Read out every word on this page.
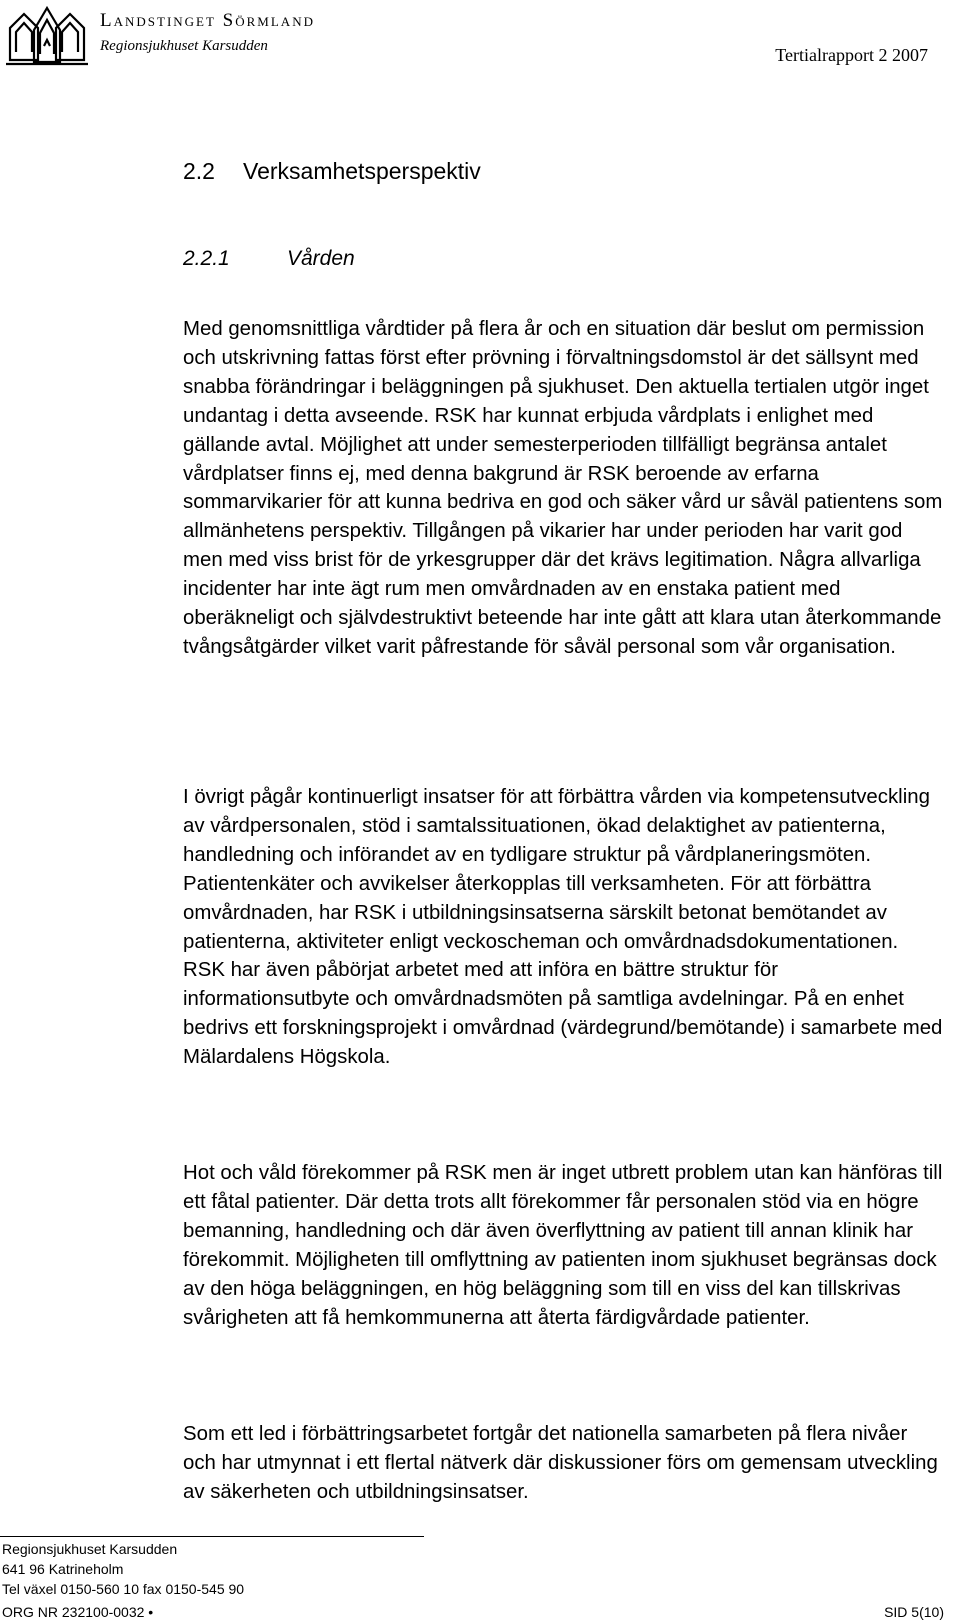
Landstinget Sörmland
Regionsjukhuset Karsudden	Tertialrapport 2 2007
2.2 Verksamhetsperspektiv
2.2.1	Vården

Med genomsnittliga vårdtider på flera år och en situation där beslut om permission och utskrivning fattas först efter prövning i förvaltningsdomstol är det sällsynt med snabba förändringar i beläggningen på sjukhuset. Den aktuella tertialen utgör inget undantag i detta avseende. RSK har kunnat erbjuda vårdplats i enlighet med gällande avtal. Möjlighet att under semesterperioden tillfälligt begränsa antalet vårdplatser finns ej, med denna bakgrund är RSK beroende av erfarna sommarvikarier för att kunna bedriva en god och säker vård ur såväl patientens som allmänhetens perspektiv. Tillgången på vikarier har under perioden har varit god men med viss brist för de yrkesgrupper där det krävs legitimation. Några allvarliga incidenter har inte ägt rum men omvårdnaden av en enstaka patient med oberäkneligt och självdestruktivt beteende har inte gått att klara utan återkommande tvångsåtgärder vilket varit påfrestande för såväl personal som vår organisation.

I övrigt pågår kontinuerligt insatser för att förbättra vården via kompetensutveckling av vårdpersonalen, stöd i samtalssituationen, ökad delaktighet av patienterna, handledning och införandet av en tydligare struktur på vårdplaneringsmöten. Patientenkäter och avvikelser återkopplas till verksamheten. För att förbättra omvårdnaden, har RSK i utbildningsinsatserna särskilt betonat bemötandet av patienterna, aktiviteter enligt veckoscheman och omvårdnadsdokumentationen. RSK har även påbörjat arbetet med att införa en bättre struktur för informationsutbyte och omvårdnadsmöten på samtliga avdelningar. På en enhet bedrivs ett forskningsprojekt i omvårdnad (värdegrund/bemötande) i samarbete med Mälardalens Högskola.

Hot och våld förekommer på RSK men är inget utbrett problem utan kan hänföras till ett fåtal patienter. Där detta trots allt förekommer får personalen stöd via en högre bemanning, handledning och där även överflyttning av patient till annan klinik har förekommit. Möjligheten till omflyttning av patienten inom sjukhuset begränsas dock av den höga beläggningen, en hög beläggning som till en viss del kan tillskrivas svårigheten att få hemkommunerna att återta färdigvårdade patienter.

Som ett led i förbättringsarbetet fortgår det nationella samarbeten på flera nivåer och har utmynnat i ett flertal nätverk där diskussioner förs om gemensam utveckling av säkerheten och utbildningsinsatser.

Regionsjukhuset Karsudden
641 96 Katrineholm
Tel växel 0150-560 10 fax 0150-545 90
ORG NR 232100-0032 •	SID 5(10)
